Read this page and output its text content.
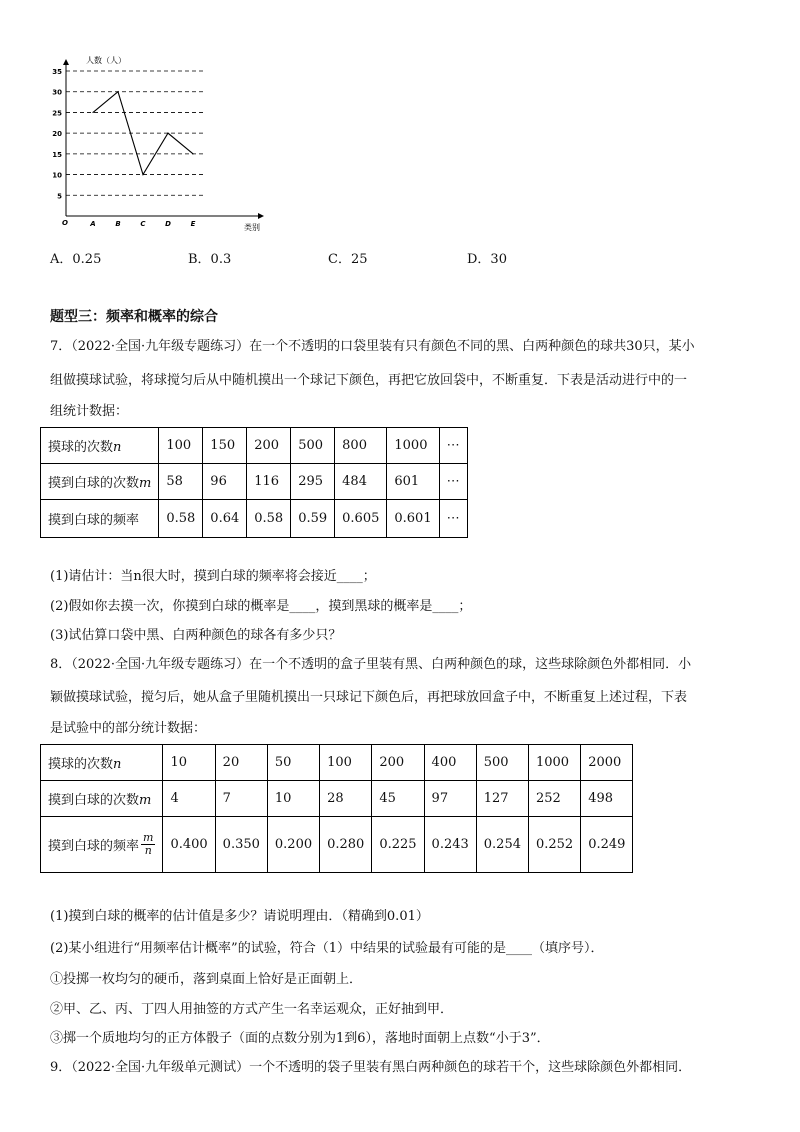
人数（人）
类别
O
5
10
15
20
25
30
35
A	B	C	D	E
A．0.25	B．0.3	C．25	D．30
题型三：频率和概率的综合
7．（2022·全国·九年级专题练习）在一个不透明的口袋里装有只有颜色不同的黑、白两种颜色的球共30只，某小
组做摸球试验，将球搅匀后从中随机摸出一个球记下颜色，再把它放回袋中，不断重复．下表是活动进行中的一
组统计数据：
摸球的次数n	100	150	200	500	800	1000	⋯
摸到白球的次数m	58	96	116	295	484	601	⋯
摸到白球的频率	0.58	0.64	0.58	0.59	0.605	0.601	⋯
(1)请估计：当n很大时，摸到白球的频率将会接近____；
(2)假如你去摸一次，你摸到白球的概率是____，摸到黑球的概率是____；
(3)试估算口袋中黑、白两种颜色的球各有多少只？
8．（2022·全国·九年级专题练习）在一个不透明的盒子里装有黑、白两种颜色的球，这些球除颜色外都相同．小
颖做摸球试验，搅匀后，她从盒子里随机摸出一只球记下颜色后，再把球放回盒子中，不断重复上述过程，下表
是试验中的部分统计数据：
摸球的次数n	10	20	50	100	200	400	500	1000	2000
摸到白球的次数m	4	7	10	28	45	97	127	252	498
摸到白球的频率 $\frac{m}{n}$	0.400	0.350	0.200	0.280	0.225	0.243	0.254	0.252	0.249
(1)摸到白球的概率的估计值是多少？请说明理由．（精确到0.01）
(2)某小组进行“用频率估计概率”的试验，符合（1）中结果的试验最有可能的是____（填序号）．
①投掷一枚均匀的硬币，落到桌面上恰好是正面朝上．
②甲、乙、丙、丁四人用抽签的方式产生一名幸运观众，正好抽到甲．
③掷一个质地均匀的正方体骰子（面的点数分别为1到6），落地时面朝上点数“小于3”．
9．（2022·全国·九年级单元测试）一个不透明的袋子里装有黑白两种颜色的球若干个，这些球除颜色外都相同．
